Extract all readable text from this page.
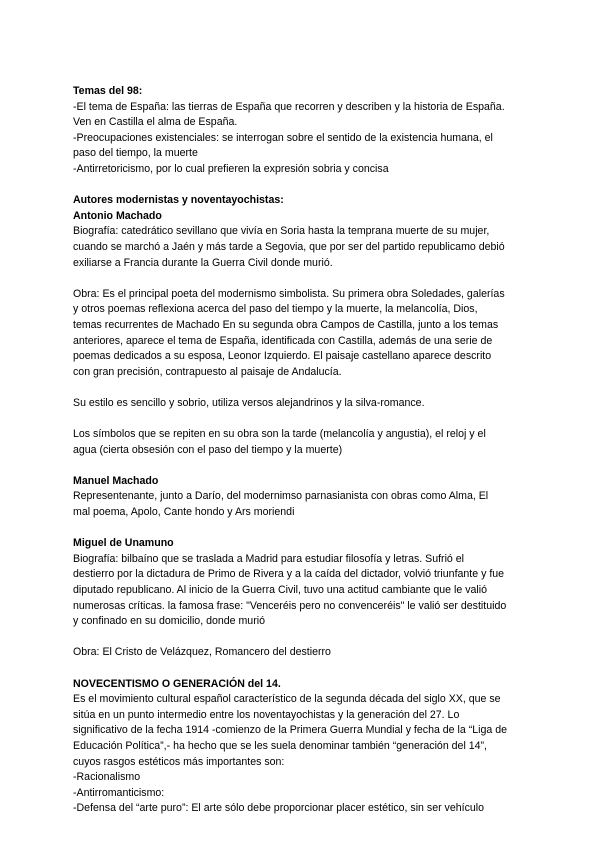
Temas del 98:

-El tema de España: las tierras de España que recorren y describen y la historia de España.

Ven en Castilla el alma de España.

-Preocupaciones existenciales: se interrogan sobre el sentido de la existencia humana, el

paso del tiempo, la muerte

-Antirretoricismo, por lo cual prefieren la expresión sobria y concisa

Autores modernistas y noventayochistas:

Antonio Machado

Biografía: catedrático sevillano que vivía en Soria hasta la temprana muerte de su mujer,

cuando se marchó a Jaén y más tarde a Segovia, que por ser del partido republicamo debió

exiliarse a Francia durante la Guerra Civil donde murió.

Obra: Es el principal poeta del modernismo simbolista. Su primera obra Soledades, galerías

y otros poemas reflexiona acerca del paso del tiempo y la muerte, la melancolía, Dios,

temas recurrentes de Machado En su segunda obra Campos de Castilla, junto a los temas

anteriores, aparece el tema de España, identificada con Castilla, además de una serie de

poemas dedicados a su esposa, Leonor Izquierdo. El paisaje castellano aparece descrito

con gran precisión, contrapuesto al paisaje de Andalucía.

Su estilo es sencillo y sobrio, utiliza versos alejandrinos y la silva-romance.

Los símbolos que se repiten en su obra son la tarde (melancolía y angustia), el reloj y el

agua (cierta obsesión con el paso del tiempo y la muerte)

Manuel Machado

Representenante, junto a Darío, del modernimso parnasianista con obras como Alma, El

mal poema, Apolo, Cante hondo y Ars moriendi

Miguel de Unamuno

Biografía: bilbaíno que se traslada a Madrid para estudiar filosofía y letras. Sufrió el

destierro por la dictadura de Primo de Rivera y a la caída del dictador, volvió triunfante y fue

diputado republicano. Al inicio de la Guerra Civil, tuvo una actitud cambiante que le valió

numerosas críticas. la famosa frase: "Venceréis pero no convenceréis" le valió ser destituido

y confinado en su domicilio, donde murió

Obra: El Cristo de Velázquez, Romancero del destierro

NOVECENTISMO O GENERACIÓN del 14.

Es el movimiento cultural español característico de la segunda década del siglo XX, que se

sitúa en un punto intermedio entre los noventayochistas y la generación del 27. Lo

significativo de la fecha 1914 -comienzo de la Primera Guerra Mundial y fecha de la “Liga de

Educación Política”,- ha hecho que se les suela denominar también “generación del 14”,

cuyos rasgos estéticos más importantes son:

-Racionalismo

-Antirromanticismo:

-Defensa del “arte puro”: El arte sólo debe proporcionar placer estético, sin ser vehículo
